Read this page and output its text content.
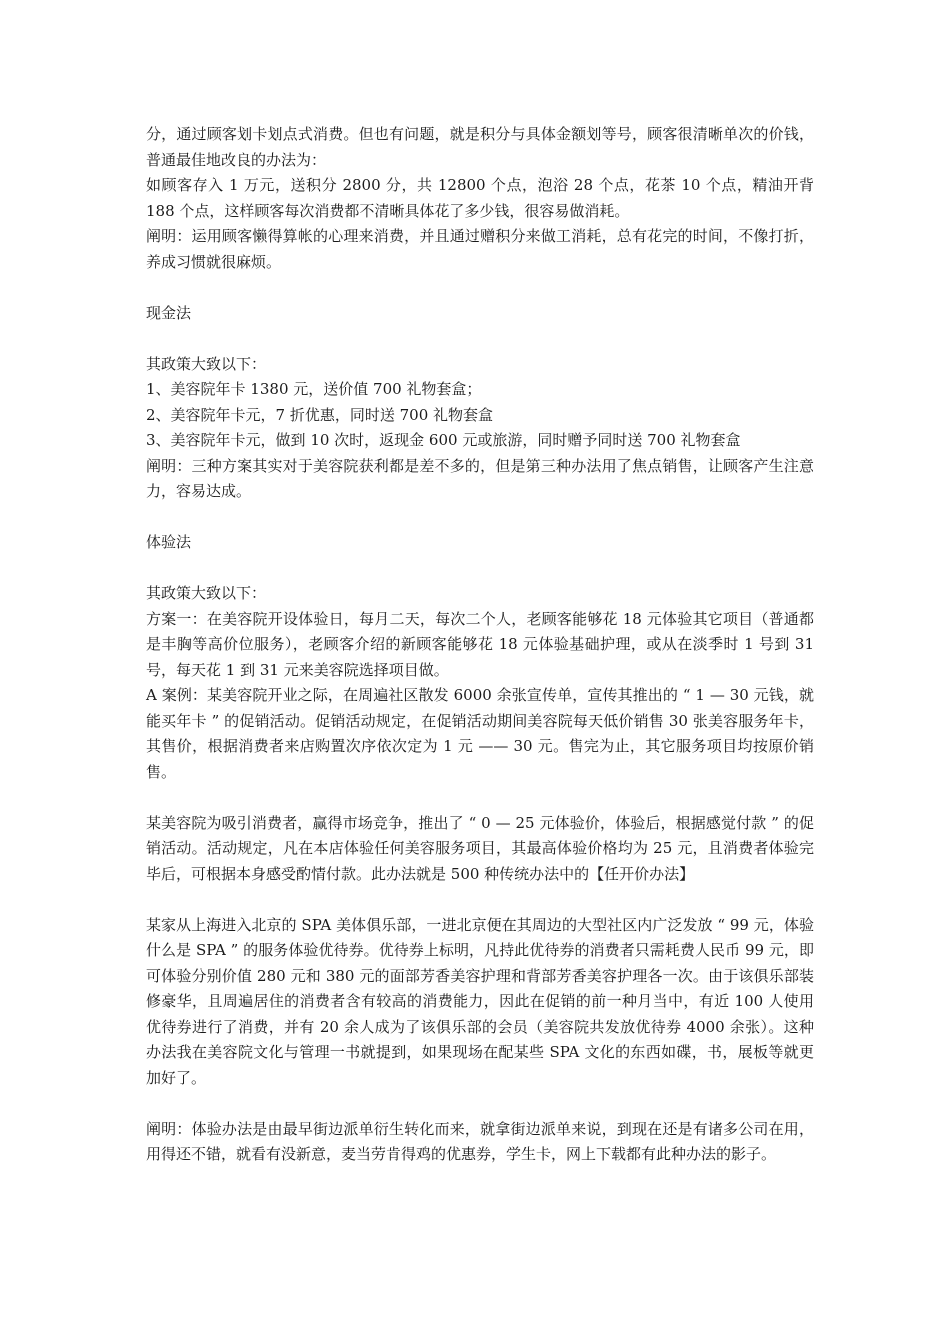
分，通过顾客划卡划点式消费。但也有问题，就是积分与具体金额划等号，顾客很清晰单次的价钱，普通最佳地改良的办法为：

如顾客存入 1 万元，送积分 2800 分，共 12800 个点，泡浴 28 个点，花茶 10 个点，精油开背 188 个点，这样顾客每次消费都不清晰具体花了多少钱，很容易做消耗。

阐明：运用顾客懒得算帐的心理来消费，并且通过赠积分来做工消耗，总有花完的时间，不像打折，养成习惯就很麻烦。

现金法

其政策大致以下：

1、美容院年卡 1380 元，送价值 700 礼物套盒；

2、美容院年卡元，7 折优惠，同时送 700 礼物套盒

3、美容院年卡元，做到 10 次时，返现金 600 元或旅游，同时赠予同时送 700 礼物套盒

阐明：三种方案其实对于美容院获利都是差不多的，但是第三种办法用了焦点销售，让顾客产生注意力，容易达成。

体验法

其政策大致以下：

方案一：在美容院开设体验日，每月二天，每次二个人，老顾客能够花 18 元体验其它项目（普通都是丰胸等高价位服务），老顾客介绍的新顾客能够花 18 元体验基础护理，或从在淡季时 1 号到 31 号，每天花 1 到 31 元来美容院选择项目做。

A 案例：某美容院开业之际，在周遍社区散发 6000 余张宣传单，宣传其推出的 “ 1 — 30 元钱，就能买年卡 ” 的促销活动。促销活动规定，在促销活动期间美容院每天低价销售 30 张美容服务年卡，其售价，根据消费者来店购置次序依次定为 1 元 —— 30 元。售完为止，其它服务项目均按原价销售。

某美容院为吸引消费者，赢得市场竞争，推出了 “ 0 — 25 元体验价，体验后，根据感觉付款 ” 的促销活动。活动规定，凡在本店体验任何美容服务项目，其最高体验价格均为 25 元，且消费者体验完毕后，可根据本身感受酌情付款。此办法就是 500 种传统办法中的【任开价办法】

某家从上海进入北京的 SPA 美体俱乐部，一进北京便在其周边的大型社区内广泛发放 “ 99 元，体验什么是 SPA ” 的服务体验优待券。优待券上标明，凡持此优待券的消费者只需耗费人民币 99 元，即可体验分别价值 280 元和 380 元的面部芳香美容护理和背部芳香美容护理各一次。由于该俱乐部装修豪华，且周遍居住的消费者含有较高的消费能力，因此在促销的前一种月当中，有近 100 人使用优待券进行了消费，并有 20 余人成为了该俱乐部的会员（美容院共发放优待券 4000 余张）。这种办法我在美容院文化与管理一书就提到，如果现场在配某些 SPA 文化的东西如碟，书，展板等就更加好了。

阐明：体验办法是由最早街边派单衍生转化而来，就拿街边派单来说，到现在还是有诸多公司在用，用得还不错，就看有没新意，麦当劳肯得鸡的优惠券，学生卡，网上下载都有此种办法的影子。
